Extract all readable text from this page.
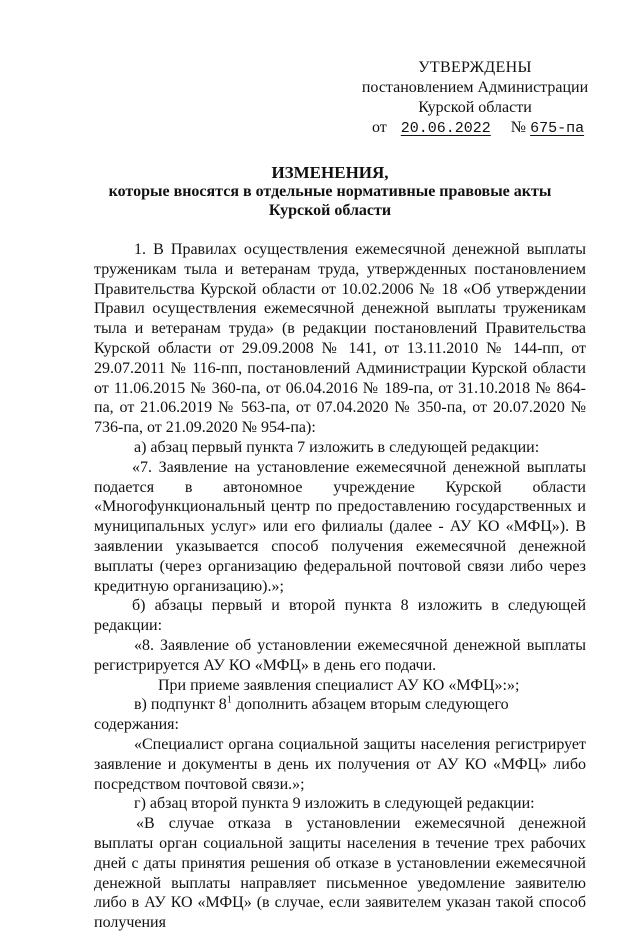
УТВЕРЖДЕНЫ
постановлением Администрации
Курской области
от 20.06.2022 № 675-па
ИЗМЕНЕНИЯ,
которые вносятся в отдельные нормативные правовые акты
Курской области

1. В Правилах осуществления ежемесячной денежной выплаты труженикам тыла и ветеранам труда, утвержденных постановлением Правительства Курской области от 10.02.2006 № 18 «Об утверждении Правил осуществления ежемесячной денежной выплаты труженикам тыла и ветеранам труда» (в редакции постановлений Правительства Курской области от 29.09.2008 № 141, от 13.11.2010 № 144-пп, от 29.07.2011 № 116-пп, постановлений Администрации Курской области от 11.06.2015 № 360-па, от 06.04.2016 № 189-па, от 31.10.2018 № 864-па, от 21.06.2019 № 563-па, от 07.04.2020 № 350-па, от 20.07.2020 № 736-па, от 21.09.2020 № 954-па):

а) абзац первый пункта 7 изложить в следующей редакции:

«7. Заявление на установление ежемесячной денежной выплаты подается в автономное учреждение Курской области «Многофункциональный центр по предоставлению государственных и муниципальных услуг» или его филиалы (далее - АУ КО «МФЦ»). В заявлении указывается способ получения ежемесячной денежной выплаты (через организацию федеральной почтовой связи либо через кредитную организацию).»;

б) абзацы первый и второй пункта 8 изложить в следующей редакции:

«8. Заявление об установлении ежемесячной денежной выплаты регистрируется АУ КО «МФЦ» в день его подачи.

При приеме заявления специалист АУ КО «МФЦ»:»;

в) подпункт $8^1$ дополнить абзацем вторым следующего содержания:

«Специалист органа социальной защиты населения регистрирует заявление и документы в день их получения от АУ КО «МФЦ» либо посредством почтовой связи.»;

г) абзац второй пункта 9 изложить в следующей редакции:

«В случае отказа в установлении ежемесячной денежной выплаты орган социальной защиты населения в течение трех рабочих дней с даты принятия решения об отказе в установлении ежемесячной денежной выплаты направляет письменное уведомление заявителю либо в АУ КО «МФЦ» (в случае, если заявителем указан такой способ получения
